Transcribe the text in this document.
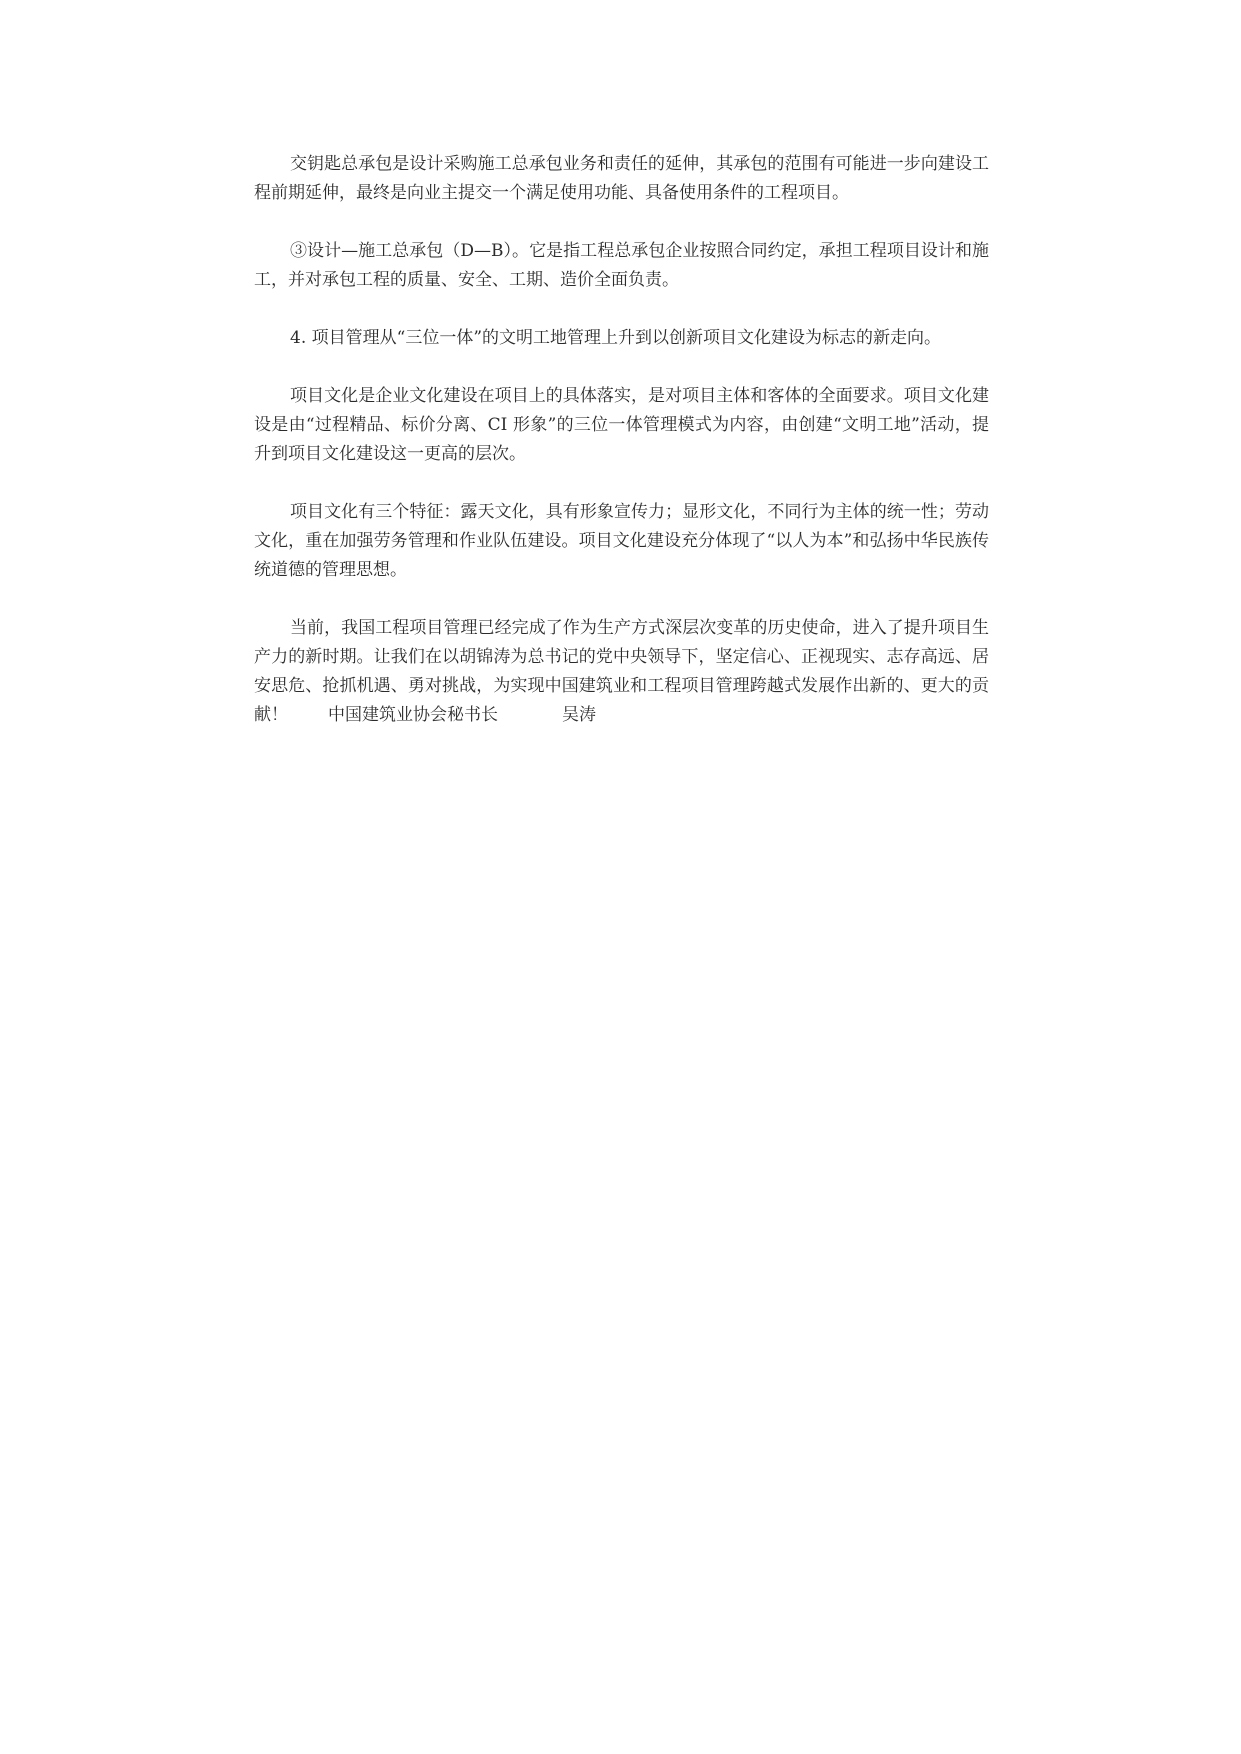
交钥匙总承包是设计采购施工总承包业务和责任的延伸，其承包的范围有可能进一步向建设工程前期延伸，最终是向业主提交一个满足使用功能、具备使用条件的工程项目。

③设计—施工总承包（D—B）。它是指工程总承包企业按照合同约定，承担工程项目设计和施工，并对承包工程的质量、安全、工期、造价全面负责。

4. 项目管理从“三位一体”的文明工地管理上升到以创新项目文化建设为标志的新走向。

项目文化是企业文化建设在项目上的具体落实，是对项目主体和客体的全面要求。项目文化建设是由“过程精品、标价分离、CI 形象”的三位一体管理模式为内容，由创建“文明工地”活动，提升到项目文化建设这一更高的层次。

项目文化有三个特征：露天文化，具有形象宣传力；显形文化，不同行为主体的统一性；劳动文化，重在加强劳务管理和作业队伍建设。项目文化建设充分体现了“以人为本”和弘扬中华民族传统道德的管理思想。

当前，我国工程项目管理已经完成了作为生产方式深层次变革的历史使命，进入了提升项目生产力的新时期。让我们在以胡锦涛为总书记的党中央领导下，坚定信心、正视现实、志存高远、居安思危、抢抓机遇、勇对挑战，为实现中国建筑业和工程项目管理跨越式发展作出新的、更大的贡献！ 中国建筑业协会秘书长	吴涛
